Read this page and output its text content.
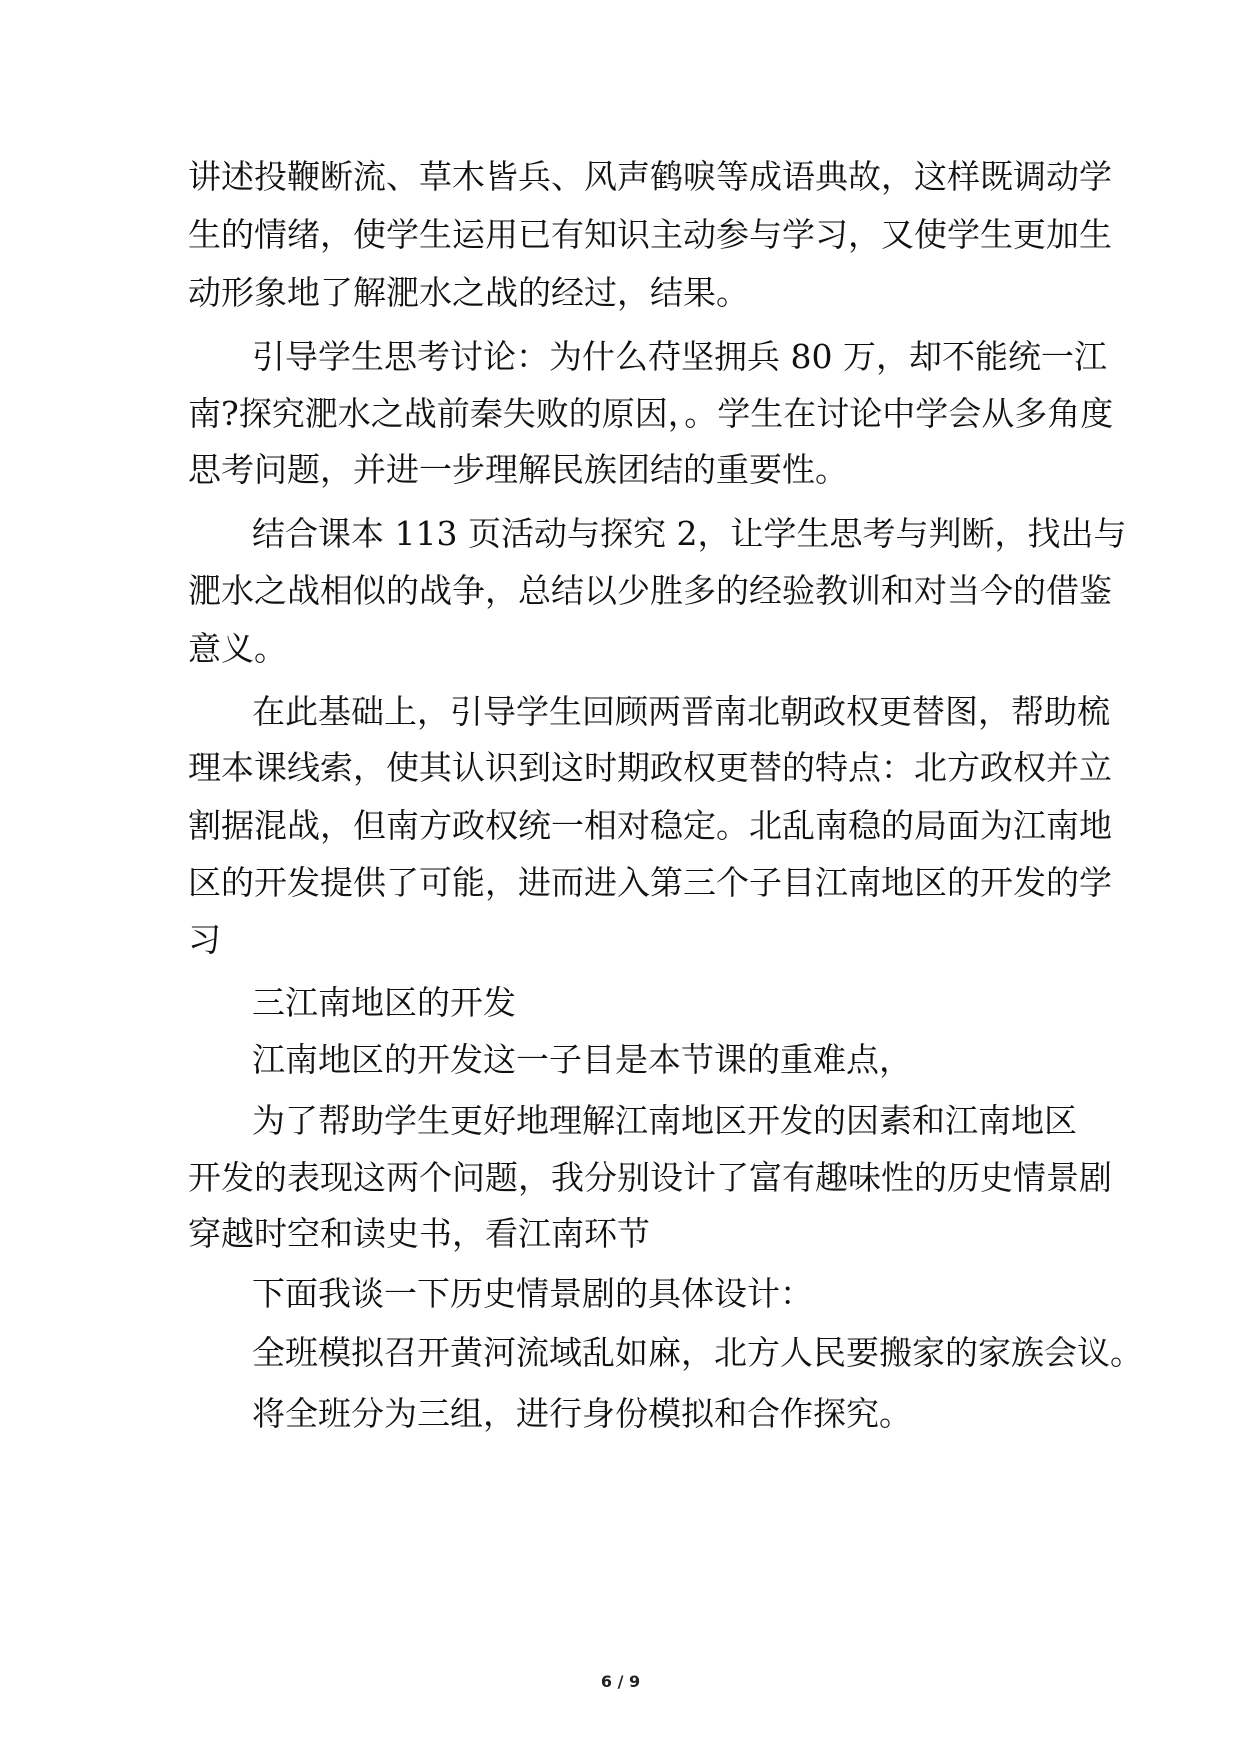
讲述投鞭断流、草木皆兵、风声鹤唳等成语典故，这样既调动学
生的情绪，使学生运用已有知识主动参与学习，又使学生更加生
动形象地了解淝水之战的经过，结果。
引导学生思考讨论：为什么苻坚拥兵 80 万，却不能统一江
南?探究淝水之战前秦失败的原因，。学生在讨论中学会从多角度
思考问题，并进一步理解民族团结的重要性。
结合课本 113 页活动与探究 2，让学生思考与判断，找出与
淝水之战相似的战争，总结以少胜多的经验教训和对当今的借鉴
意义。
在此基础上，引导学生回顾两晋南北朝政权更替图，帮助梳
理本课线索，使其认识到这时期政权更替的特点：北方政权并立
割据混战，但南方政权统一相对稳定。北乱南稳的局面为江南地
区的开发提供了可能，进而进入第三个子目江南地区的开发的学
习
三江南地区的开发
江南地区的开发这一子目是本节课的重难点，
为了帮助学生更好地理解江南地区开发的因素和江南地区
开发的表现这两个问题，我分别设计了富有趣味性的历史情景剧
穿越时空和读史书，看江南环节
下面我谈一下历史情景剧的具体设计：
全班模拟召开黄河流域乱如麻，北方人民要搬家的家族会议。
将全班分为三组，进行身份模拟和合作探究。
6 / 9
